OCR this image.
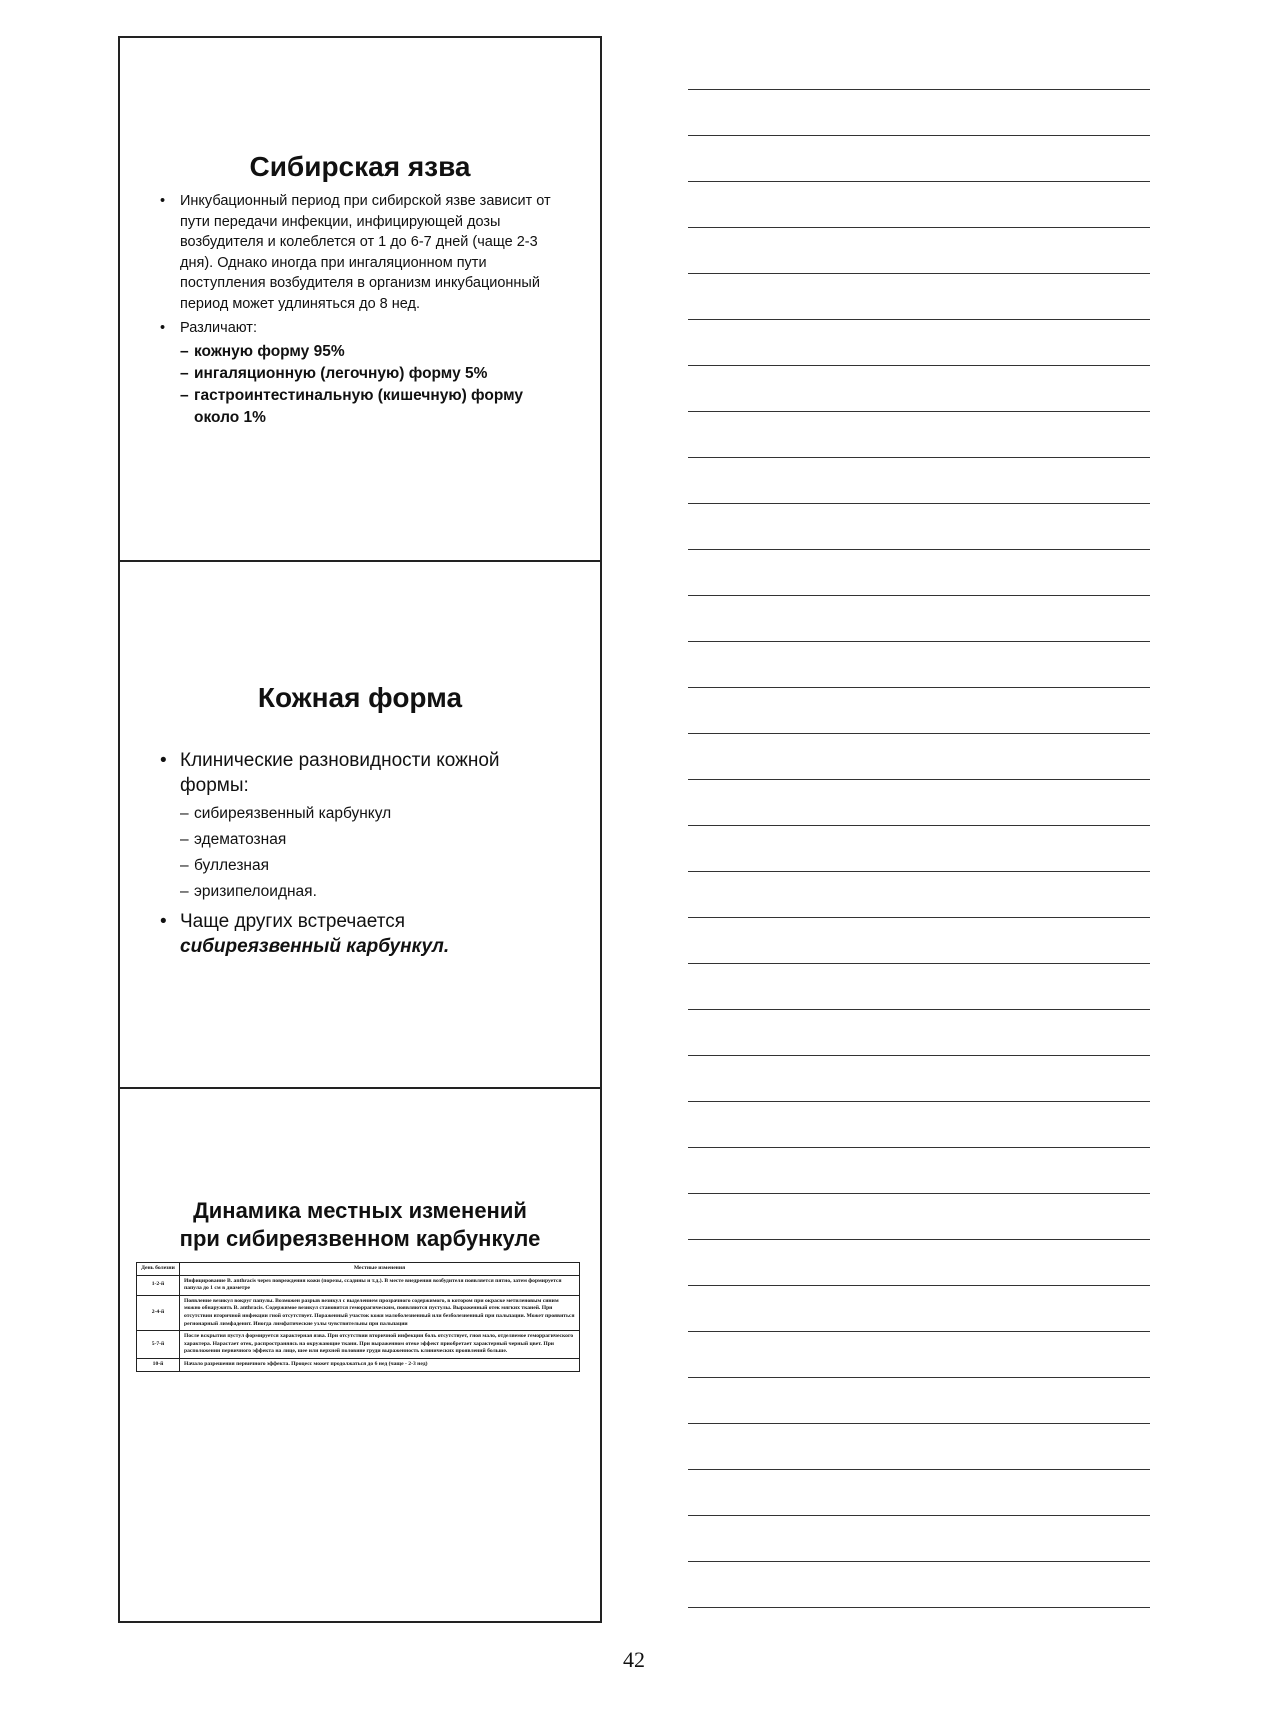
Сибирская язва
• Инкубационный период при сибирской язве зависит от пути передачи инфекции, инфицирующей дозы возбудителя и колеблется от 1 до 6-7 дней (чаще 2-3 дня). Однако иногда при ингаляционном пути поступления возбудителя в организм инкубационный период может удлиняться до 8 нед.
• Различают:
– кожную форму 95%
– ингаляционную (легочную) форму 5%
– гастроинтестинальную (кишечную) форму около 1%
Кожная форма
• Клинические разновидности кожной формы:
– сибиреязвенный карбункул
– эдематозная
– буллезная
– эризипелоидная.
• Чаще других встречается
сибиреязвенный карбункул.
Динамика местных изменений
при сибиреязвенном карбункуле
День болезни	Местные изменения
1-2-й	Инфицирование B. anthracis через повреждения кожи (порезы, ссадины и т.д.). В месте внедрения возбудителя появляется пятно, затем формируется папула до 1 см в диаметре
2-4-й	Появление везикул вокруг папулы. Возможен разрыв везикул с выделением прозрачного содержимого, в котором при окраске метиленовым синим можно обнаружить B. anthracis. Содержимое везикул становится геморрагическим, появляются пустулы. Выраженный отек мягких тканей. При отсутствии вторичной инфекции гной отсутствует. Пораженный участок кожи малоболезненный или безболезненный при пальпации. Может проявиться регионарный лимфаденит. Иногда лимфатические узлы чувствительны при пальпации
5-7-й	После вскрытия пустул формируется характерная язва. При отсутствии вторичной инфекции боль отсутствует, гноя мало, отделяемое геморрагического характера. Нарастает отек, распространяясь на окружающие ткани. При выраженном отеке эффект приобретает характерный черный цвет. При расположении первичного эффекта на лице, шее или верхней половине груди выраженность клинических проявлений больше.
10-й	Начало разрешения первичного эффекта. Процесс может продолжаться до 6 нед (чаще - 2-3 нед)
42
